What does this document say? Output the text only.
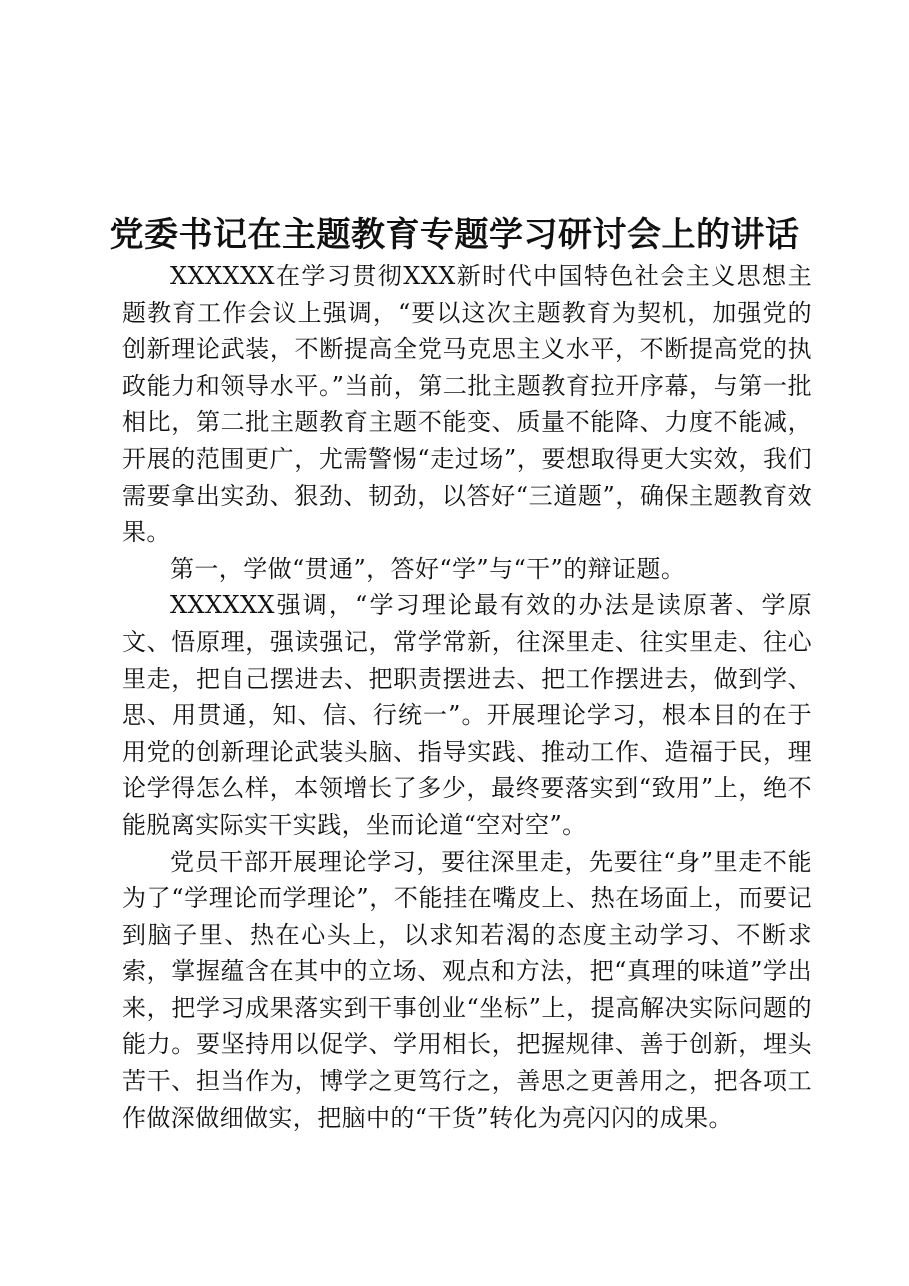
党委书记在主题教育专题学习研讨会上的讲话

XXXXXX在学习贯彻XXX新时代中国特色社会主义思想主题教育工作会议上强调，“要以这次主题教育为契机，加强党的创新理论武装，不断提高全党马克思主义水平，不断提高党的执政能力和领导水平。”当前，第二批主题教育拉开序幕，与第一批相比，第二批主题教育主题不能变、质量不能降、力度不能减，开展的范围更广，尤需警惕“走过场”，要想取得更大实效，我们需要拿出实劲、狠劲、韧劲，以答好“三道题”，确保主题教育效果。

第一，学做“贯通”，答好“学”与“干”的辩证题。

XXXXXX强调，“学习理论最有效的办法是读原著、学原文、悟原理，强读强记，常学常新，往深里走、往实里走、往心里走，把自己摆进去、把职责摆进去、把工作摆进去，做到学、思、用贯通，知、信、行统一”。开展理论学习，根本目的在于用党的创新理论武装头脑、指导实践、推动工作、造福于民，理论学得怎么样，本领增长了多少，最终要落实到“致用”上，绝不能脱离实际实干实践，坐而论道“空对空”。

党员干部开展理论学习，要往深里走，先要往“身”里走不能为了“学理论而学理论”，不能挂在嘴皮上、热在场面上，而要记到脑子里、热在心头上，以求知若渴的态度主动学习、不断求索，掌握蕴含在其中的立场、观点和方法，把“真理的味道”学出来，把学习成果落实到干事创业“坐标”上，提高解决实际问题的能力。要坚持用以促学、学用相长，把握规律、善于创新，埋头苦干、担当作为，博学之更笃行之，善思之更善用之，把各项工作做深做细做实，把脑中的“干货”转化为亮闪闪的成果。
